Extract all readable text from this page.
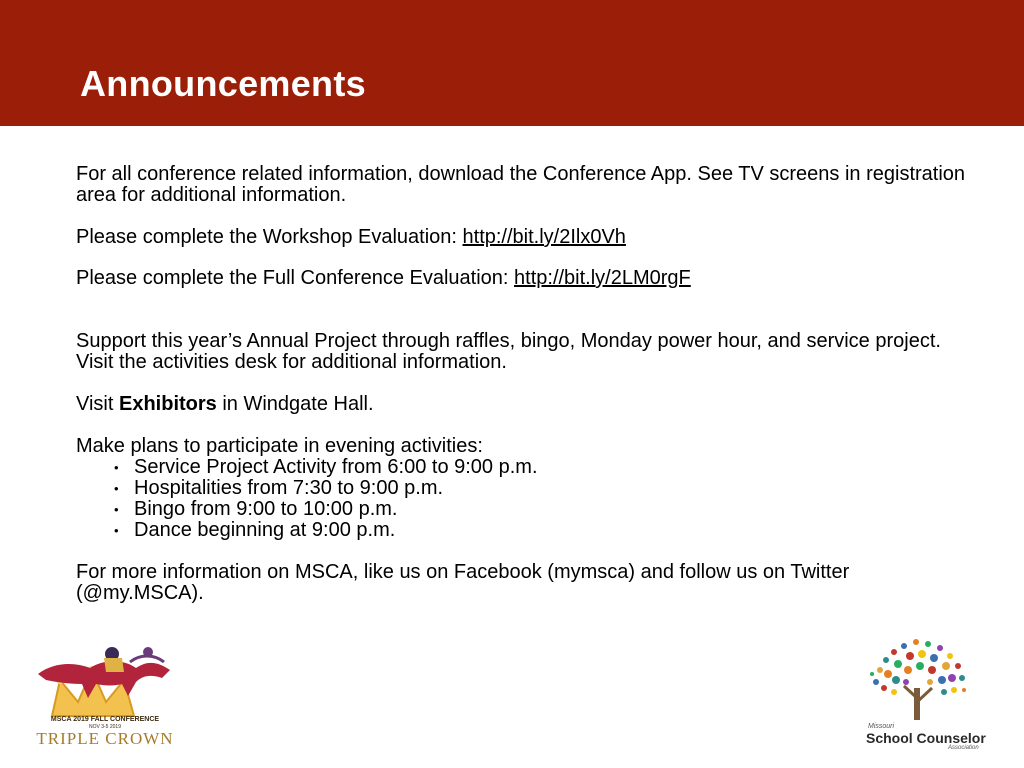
Announcements

For all conference related information, download the Conference App. See TV screens in registration area for additional information.

Please complete the Workshop Evaluation: http://bit.ly/2Ilx0Vh

Please complete the Full Conference Evaluation: http://bit.ly/2LM0rgF

Support this year’s Annual Project through raffles, bingo, Monday power hour, and service project. Visit the activities desk for additional information.

Visit Exhibitors in Windgate Hall.

Make plans to participate in evening activities:

• Service Project Activity from 6:00 to 9:00 p.m.
• Hospitalities from 7:30 to 9:00 p.m.
• Bingo from 9:00 to 10:00 p.m.
• Dance beginning at 9:00 p.m.

For more information on MSCA, like us on Facebook (mymsca) and follow us on Twitter (@my.MSCA).

MSCA 2019 FALL CONFERENCE
NOV 3-5 2019
TRIPLE CROWN
Missouri
School Counselor
Association
